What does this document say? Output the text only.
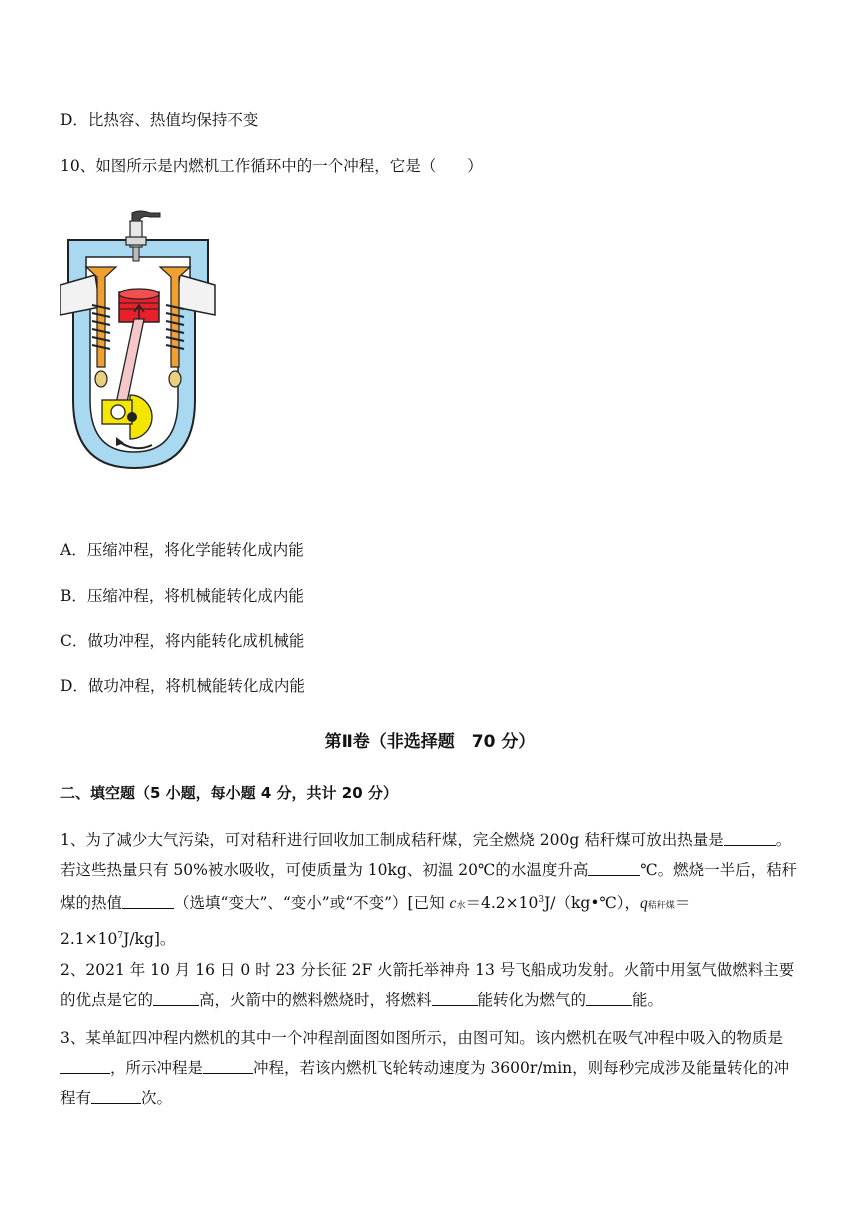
D．比热容、热值均保持不变
10、如图所示是内燃机工作循环中的一个冲程，它是（　　）
A．压缩冲程，将化学能转化成内能
B．压缩冲程，将机械能转化成内能
C．做功冲程，将内能转化成机械能
D．做功冲程，将机械能转化成内能
第Ⅱ卷（非选择题　70 分）
二、填空题（5 小题，每小题 4 分，共计 20 分）
1、为了减少大气污染，可对秸秆进行回收加工制成秸秆煤，完全燃烧 200g 秸秆煤可放出热量是	。若这些热量只有 50%被水吸收，可使质量为 10kg、初温 20℃的水温度升高	℃。燃烧一半后，秸秆煤的热值	（选填“变大”、“变小”或“不变”）[已知 c水$=4.2\times 10^3J/(kg•℃)$，q秸秆煤$=2.1\times 10^7J/kg$]。
2、2021 年 10 月 16 日 0 时 23 分长征 2F 火箭托举神舟 13 号飞船成功发射。火箭中用氢气做燃料主要的优点是它的	高，火箭中的燃料燃烧时，将燃料	能转化为燃气的	能。
3、某单缸四冲程内燃机的其中一个冲程剖面图如图所示，由图可知。该内燃机在吸气冲程中吸入的物质是，所示冲程是	冲程，若该内燃机飞轮转动速度为 3600r/min，则每秒完成涉及能量转化的冲程有	次。
